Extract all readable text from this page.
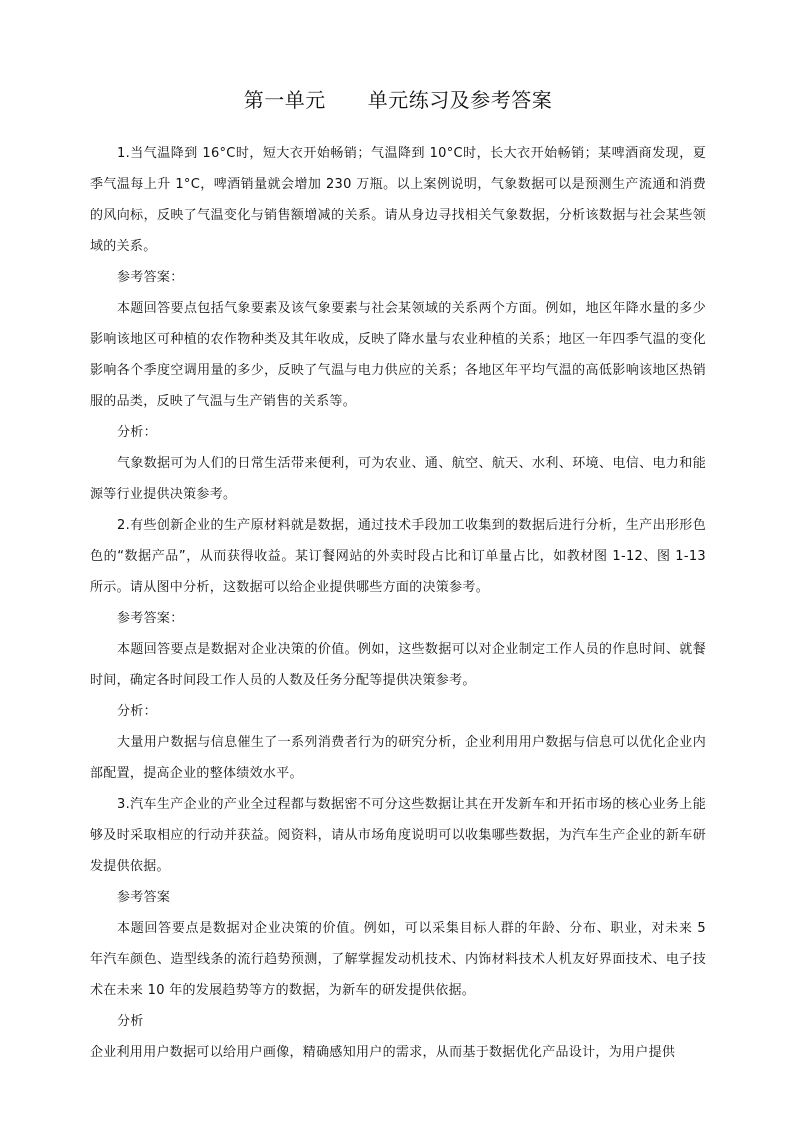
第一单元 单元练习及参考答案

1.当气温降到 16°C时，短大衣开始畅销；气温降到 10°C时，长大衣开始畅销；某啤酒商发现，夏季气温每上升 1°C，啤酒销量就会增加 230 万瓶。以上案例说明，气象数据可以是预测生产流通和消费的风向标，反映了气温变化与销售额增减的关系。请从身边寻找相关气象数据，分析该数据与社会某些领域的关系。

参考答案：

本题回答要点包括气象要素及该气象要素与社会某领域的关系两个方面。例如，地区年降水量的多少影响该地区可种植的农作物种类及其年收成，反映了降水量与农业种植的关系；地区一年四季气温的变化影响各个季度空调用量的多少，反映了气温与电力供应的关系；各地区年平均气温的高低影响该地区热销服的品类，反映了气温与生产销售的关系等。

分析：

气象数据可为人们的日常生活带来便利，可为农业、通、航空、航天、水利、环境、电信、电力和能源等行业提供决策参考。

2.有些创新企业的生产原材料就是数据，通过技术手段加工收集到的数据后进行分析，生产出形形色色的“数据产品”，从而获得收益。某订餐网站的外卖时段占比和订单量占比，如教材图 1-12、图 1-13 所示。请从图中分析，这数据可以给企业提供哪些方面的决策参考。

参考答案：

本题回答要点是数据对企业决策的价值。例如，这些数据可以对企业制定工作人员的作息时间、就餐时间，确定各时间段工作人员的人数及任务分配等提供决策参考。

分析：

大量用户数据与信息催生了一系列消费者行为的研究分析，企业利用用户数据与信息可以优化企业内部配置，提高企业的整体绩效水平。

3.汽车生产企业的产业全过程都与数据密不可分这些数据让其在开发新车和开拓市场的核心业务上能够及时采取相应的行动并获益。阅资料，请从市场角度说明可以收集哪些数据，为汽车生产企业的新车研发提供依据。

参考答案

本题回答要点是数据对企业决策的价值。例如，可以采集目标人群的年龄、分布、职业，对未来 5 年汽车颜色、造型线条的流行趋势预测，了解掌握发动机技术、内饰材料技术人机友好界面技术、电子技术在未来 10 年的发展趋势等方的数据，为新车的研发提供依据。

分析

企业利用用户数据可以给用户画像，精确感知用户的需求，从而基于数据优化产品设计，为用户提供
